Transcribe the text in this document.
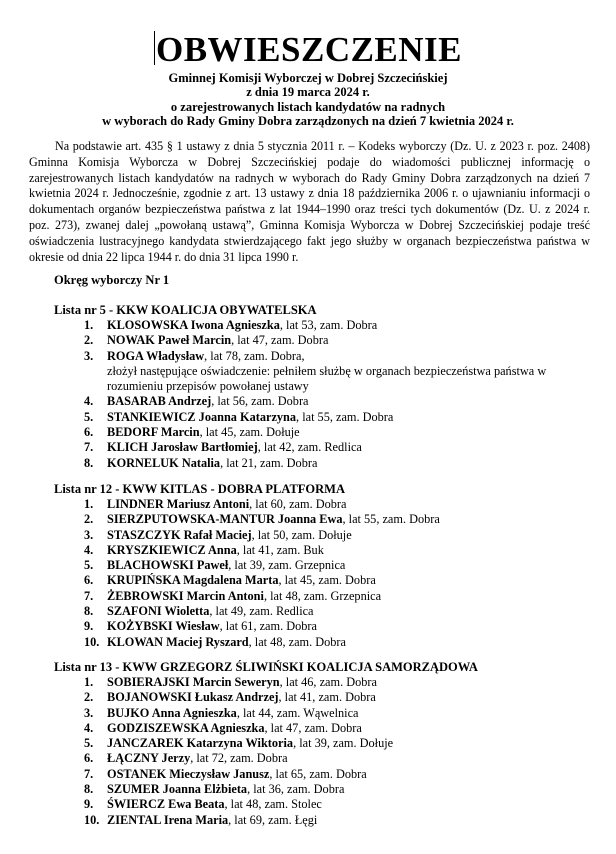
OBWIESZCZENIE
Gminnej Komisji Wyborczej w Dobrej Szczecińskiej
z dnia 19 marca 2024 r.
o zarejestrowanych listach kandydatów na radnych
w wyborach do Rady Gminy Dobra zarządzonych na dzień 7 kwietnia 2024 r.

Na podstawie art. 435 § 1 ustawy z dnia 5 stycznia 2011 r. – Kodeks wyborczy (Dz. U. z 2023 r. poz. 2408) Gminna Komisja Wyborcza w Dobrej Szczecińskiej podaje do wiadomości publicznej informację o zarejestrowanych listach kandydatów na radnych w wyborach do Rady Gminy Dobra zarządzonych na dzień 7 kwietnia 2024 r. Jednocześnie, zgodnie z art. 13 ustawy z dnia 18 października 2006 r. o ujawnianiu informacji o dokumentach organów bezpieczeństwa państwa z lat 1944–1990 oraz treści tych dokumentów (Dz. U. z 2024 r. poz. 273), zwanej dalej „powołaną ustawą”, Gminna Komisja Wyborcza w Dobrej Szczecińskiej podaje treść oświadczenia lustracyjnego kandydata stwierdzającego fakt jego służby w organach bezpieczeństwa państwa w okresie od dnia 22 lipca 1944 r. do dnia 31 lipca 1990 r.

Okręg wyborczy Nr 1
Lista nr 5 - KKW KOALICJA OBYWATELSKA
1. KLOSOWSKA Iwona Agnieszka, lat 53, zam. Dobra
2. NOWAK Paweł Marcin, lat 47, zam. Dobra
3. ROGA Władysław, lat 78, zam. Dobra,
złożył następujące oświadczenie: pełniłem służbę w organach bezpieczeństwa państwa w rozumieniu przepisów powołanej ustawy
4. BASARAB Andrzej, lat 56, zam. Dobra
5. STANKIEWICZ Joanna Katarzyna, lat 55, zam. Dobra
6. BEDORF Marcin, lat 45, zam. Dołuje
7. KLICH Jarosław Bartłomiej, lat 42, zam. Redlica
8. KORNELUK Natalia, lat 21, zam. Dobra
Lista nr 12 - KWW KITLAS - DOBRA PLATFORMA
1. LINDNER Mariusz Antoni, lat 60, zam. Dobra
2. SIERZPUTOWSKA-MANTUR Joanna Ewa, lat 55, zam. Dobra
3. STASZCZYK Rafał Maciej, lat 50, zam. Dołuje
4. KRYSZKIEWICZ Anna, lat 41, zam. Buk
5. BLACHOWSKI Paweł, lat 39, zam. Grzepnica
6. KRUPIŃSKA Magdalena Marta, lat 45, zam. Dobra
7. ŻEBROWSKI Marcin Antoni, lat 48, zam. Grzepnica
8. SZAFONI Wioletta, lat 49, zam. Redlica
9. KOŻYBSKI Wiesław, lat 61, zam. Dobra
10. KLOWAN Maciej Ryszard, lat 48, zam. Dobra
Lista nr 13 - KWW GRZEGORZ ŚLIWIŃSKI KOALICJA SAMORZĄDOWA
1. SOBIERAJSKI Marcin Seweryn, lat 46, zam. Dobra
2. BOJANOWSKI Łukasz Andrzej, lat 41, zam. Dobra
3. BUJKO Anna Agnieszka, lat 44, zam. Wąwelnica
4. GODZISZEWSKA Agnieszka, lat 47, zam. Dobra
5. JANCZAREK Katarzyna Wiktoria, lat 39, zam. Dołuje
6. ŁĄCZNY Jerzy, lat 72, zam. Dobra
7. OSTANEK Mieczysław Janusz, lat 65, zam. Dobra
8. SZUMER Joanna Elżbieta, lat 36, zam. Dobra
9. ŚWIERCZ Ewa Beata, lat 48, zam. Stolec
10. ZIENTAL Irena Maria, lat 69, zam. Łęgi
